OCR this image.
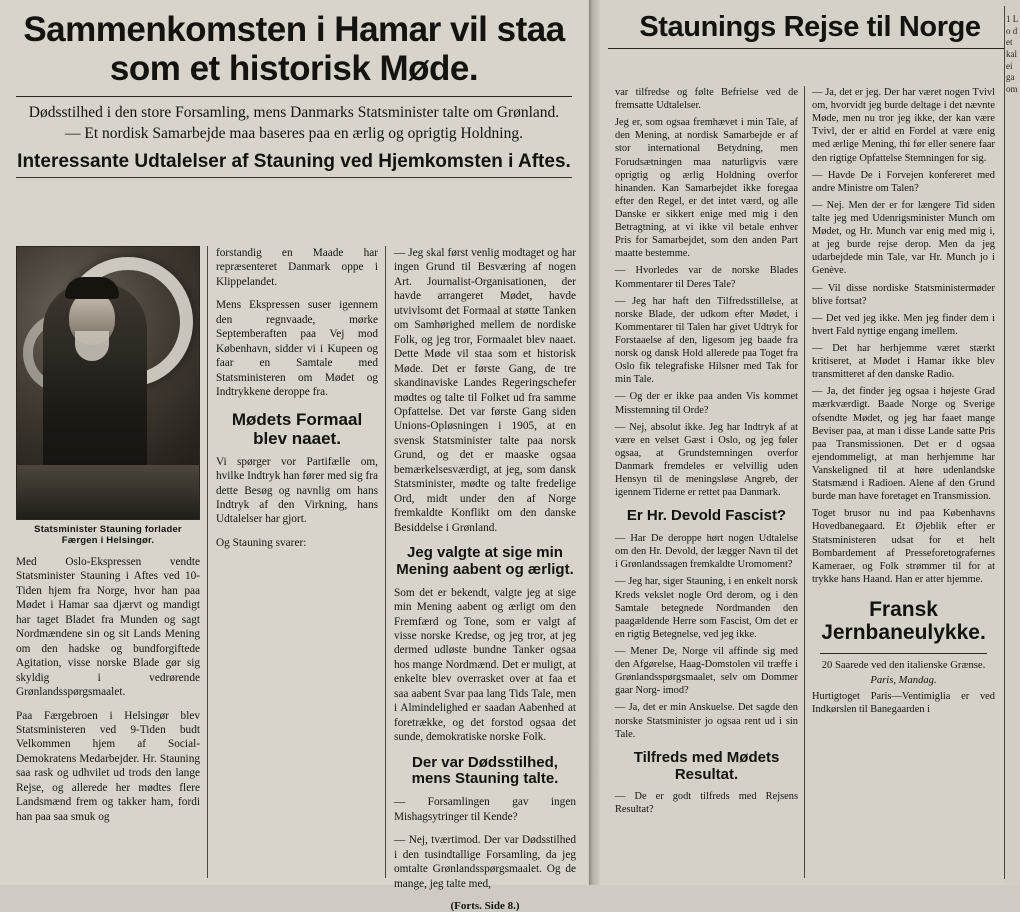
Sammenkomsten i Hamar vil staa som et historisk Møde.

Dødsstilhed i den store Forsamling, mens Danmarks Statsminister talte om Grønland. — Et nordisk Samarbejde maa baseres paa en ærlig og oprigtig Holdning.

Interessante Udtalelser af Stauning ved Hjemkomsten i Aftes.
Statsminister Stauning forlader Færgen i Helsingør.

Med Oslo-Ekspressen vendte Statsminister Stauning i Aftes ved 10-Tiden hjem fra Norge, hvor han paa Mødet i Hamar saa djærvt og mandigt har taget Bladet fra Munden og sagt Nordmændene sin og sit Lands Mening om den hadske og bundforgiftede Agitation, visse norske Blade gør sig skyldig i vedrørende Grønlandsspørgsmaalet.

Paa Færgebroen i Helsingør blev Statsministeren ved 9-Tiden budt Velkommen hjem af Social-Demokratens Medarbejder. Hr. Stauning saa rask og udhvilet ud trods den lange Rejse, og allerede her mødtes flere Landsmænd frem og takker ham, fordi han paa saa smuk og

forstandig en Maade har repræsenteret Danmark oppe i Klippelandet.

Mens Ekspressen suser igennem den regnvaade, mørke Septemberaften paa Vej mod København, sidder vi i Kupeen og faar en Samtale med Statsministeren om Mødet og Indtrykkene deroppe fra.

Mødets Formaal blev naaet.

Vi spørger vor Partifælle om, hvilke Indtryk han fører med sig fra dette Besøg og navnlig om hans Indtryk af den Virkning, hans Udtalelser har gjort.

Og Stauning svarer:

— Jeg skal først venlig modtaget og har ingen Grund til Besværing af nogen Art. Journalist-Organisationen, der havde arrangeret Mødet, havde utvivlsomt det Formaal at støtte Tanken om Samhørighed mellem de nordiske Folk, og jeg tror, Formaalet blev naaet. Dette Møde vil staa som et historisk Møde. Det er første Gang, de tre skandinaviske Landes Regeringschefer mødtes og talte til Folket ud fra samme Opfattelse. Det var første Gang siden Unions-Opløsningen i 1905, at en svensk Statsminister talte paa norsk Grund, og det er maaske ogsaa bemærkelsesværdigt, at jeg, som dansk Statsminister, mødte og talte fredelige Ord, midt under den af Norge fremkaldte Konflikt om den danske Besiddelse i Grønland.

Jeg valgte at sige min Mening aabent og ærligt.

Som det er bekendt, valgte jeg at sige min Mening aabent og ærligt om den Fremfærd og Tone, som er valgt af visse norske Kredse, og jeg tror, at jeg dermed udløste bundne Tanker ogsaa hos mange Nordmænd. Det er muligt, at enkelte blev overrasket over at faa et saa aabent Svar paa lang Tids Tale, men i Almindelighed er saadan Aabenhed at foretrække, og det forstod ogsaa det sunde, demokratiske norske Folk.

Der var Dødsstilhed, mens Stauning talte.

— Forsamlingen gav ingen Mishagsytringer til Kende?

— Nej, tværtimod. Der var Dødsstilhed i den tusindtallige Forsamling, da jeg omtalte Grønlandsspørgsmaalet. Og de mange, jeg talte med,

(Forts. Side 8.)
Staunings Rejse til Norge

var tilfredse og følte Befrielse ved de fremsatte Udtalelser.

Jeg er, som ogsaa fremhævet i min Tale, af den Mening, at nordisk Samarbejde er af stor international Betydning, men Forudsætningen maa naturligvis være oprigtig og ærlig Holdning overfor hinanden. Kan Samarbejdet ikke foregaa efter den Regel, er det intet værd, og alle Danske er sikkert enige med mig i den Betragtning, at vi ikke vil betale enhver Pris for Samarbejdet, som den anden Part maatte bestemme.

— Hvorledes var de norske Blades Kommentarer til Deres Tale?

— Jeg har haft den Tilfredsstillelse, at norske Blade, der udkom efter Mødet, i Kommentarer til Talen har givet Udtryk for Forstaaelse af den, ligesom jeg baade fra norsk og dansk Hold allerede paa Toget fra Oslo fik telegrafiske Hilsner med Tak for min Tale.

— Og der er ikke paa anden Vis kommet Misstemning til Orde?

— Nej, absolut ikke. Jeg har Indtryk af at være en velset Gæst i Oslo, og jeg føler ogsaa, at Grundstemningen overfor Danmark fremdeles er velvillig uden Hensyn til de meningsløse Angreb, der igennem Tiderne er rettet paa Danmark.

Er Hr. Devold Fascist?

— Har De deroppe hørt nogen Udtalelse om den Hr. Devold, der lægger Navn til det i Grønlandssagen fremkaldte Uromoment?

— Jeg har, siger Stauning, i en enkelt norsk Kreds vekslet nogle Ord derom, og i den Samtale betegnede Nordmanden den paagældende Herre som Fascist, Om det er en rigtig Betegnelse, ved jeg ikke.

— Mener De, Norge vil affinde sig med den Afgørelse, Haag-Domstolen vil træffe i Grønlandsspørgsmaalet, selv om Dommer gaar Norg- imod?

— Ja, det er min Anskuelse. Det sagde den norske Statsminister jo ogsaa rent ud i sin Tale.

Tilfreds med Mødets Resultat.

— De er godt tilfreds med Rejsens Resultat?

— Ja, det er jeg. Der har været nogen Tvivl om, hvorvidt jeg burde deltage i det nævnte Møde, men nu tror jeg ikke, der kan være Tvivl, der er altid en Fordel at være enig med ærlige Mening, thi før eller senere faar den rigtige Opfattelse Stemningen for sig.

— Havde De i Forvejen konfereret med andre Ministre om Talen?

— Nej. Men der er for længere Tid siden talte jeg med Udenrigsminister Munch om Mødet, og Hr. Munch var enig med mig i, at jeg burde rejse derop. Men da jeg udarbejdede min Tale, var Hr. Munch jo i Genève.

— Vil disse nordiske Statsministermøder blive fortsat?

— Det ved jeg ikke. Men jeg finder dem i hvert Fald nyttige engang imellem.

— Det har herhjemme været stærkt kritiseret, at Mødet i Hamar ikke blev transmitteret af den danske Radio.

— Ja, det finder jeg ogsaa i højeste Grad mærkværdigt. Baade Norge og Sverige ofsendte Mødet, og jeg har faaet mange Beviser paa, at man i disse Lande satte Pris paa Transmissionen. Det er d ogsaa ejendommeligt, at man herhjemme har Vanskeligned til at høre udenlandske Statsmænd i Radioen. Alene af den Grund burde man have foretaget en Transmission.

Toget brusor nu ind paa Københavns Hovedbanegaard. Et Øjeblik efter er Statsministeren udsat for et helt Bombardement af Presseforetografernes Kameraer, og Folk strømmer til for at trykke hans Haand. Han er atter hjemme.

Fransk Jernbaneulykke.
20 Saarede ved den italienske Grænse.
Paris, Mandag.

Hurtigtoget Paris—Ventimiglia er ved Indkørslen til Banegaarden i

1 Lo det kal ei ga om
